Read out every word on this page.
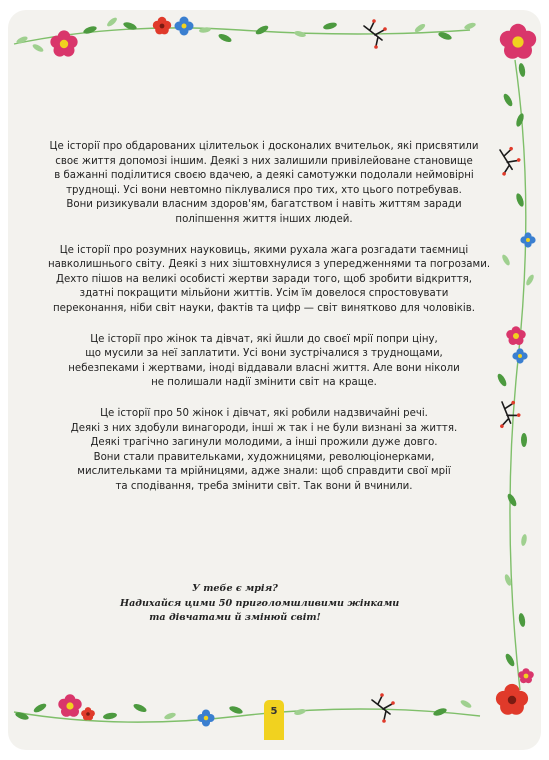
Це історії про обдарованих цілительок і досконалих вчительок, які присвятили
своє життя допомозі іншим. Деякі з них залишили привілейоване становище
в бажанні поділитися своєю вдачею, а деякі самотужки подолали неймовірні
труднощі. Усі вони невтомно піклувалися про тих, хто цього потребував.
Вони ризикували власним здоров'ям, багатством і навіть життям заради
поліпшення життя інших людей.

Це історії про розумних науковиць, якими рухала жага розгадати таємниці
навколишнього світу. Деякі з них зіштовхнулися з упередженнями та погрозами.
Дехто пішов на великі особисті жертви заради того, щоб зробити відкриття,
здатні покращити мільйони життів. Усім їм довелося спростовувати
переконання, ніби світ науки, фактів та цифр — світ винятково для чоловіків.

Це історії про жінок та дівчат, які йшли до своєї мрії попри ціну,
що мусили за неї заплатити. Усі вони зустрічалися з труднощами,
небезпеками і жертвами, іноді віддавали власні життя. Але вони ніколи
не полишали надії змінити світ на краще.

Це історії про 50 жінок і дівчат, які робили надзвичайні речі.
Деякі з них здобули винагороди, інші ж так і не були визнані за життя.
Деякі трагічно загинули молодими, а інші прожили дуже довго.
Вони стали правительками, художницями, революціонерками,
мислительками та мрійницями, адже знали: щоб справдити свої мрії
та сподівання, треба змінити світ. Так вони й вчинили.

У тебе є мрія?
Надихайся цими 50 приголомшливими жінками
та дівчатами й змінюй світ!
5
